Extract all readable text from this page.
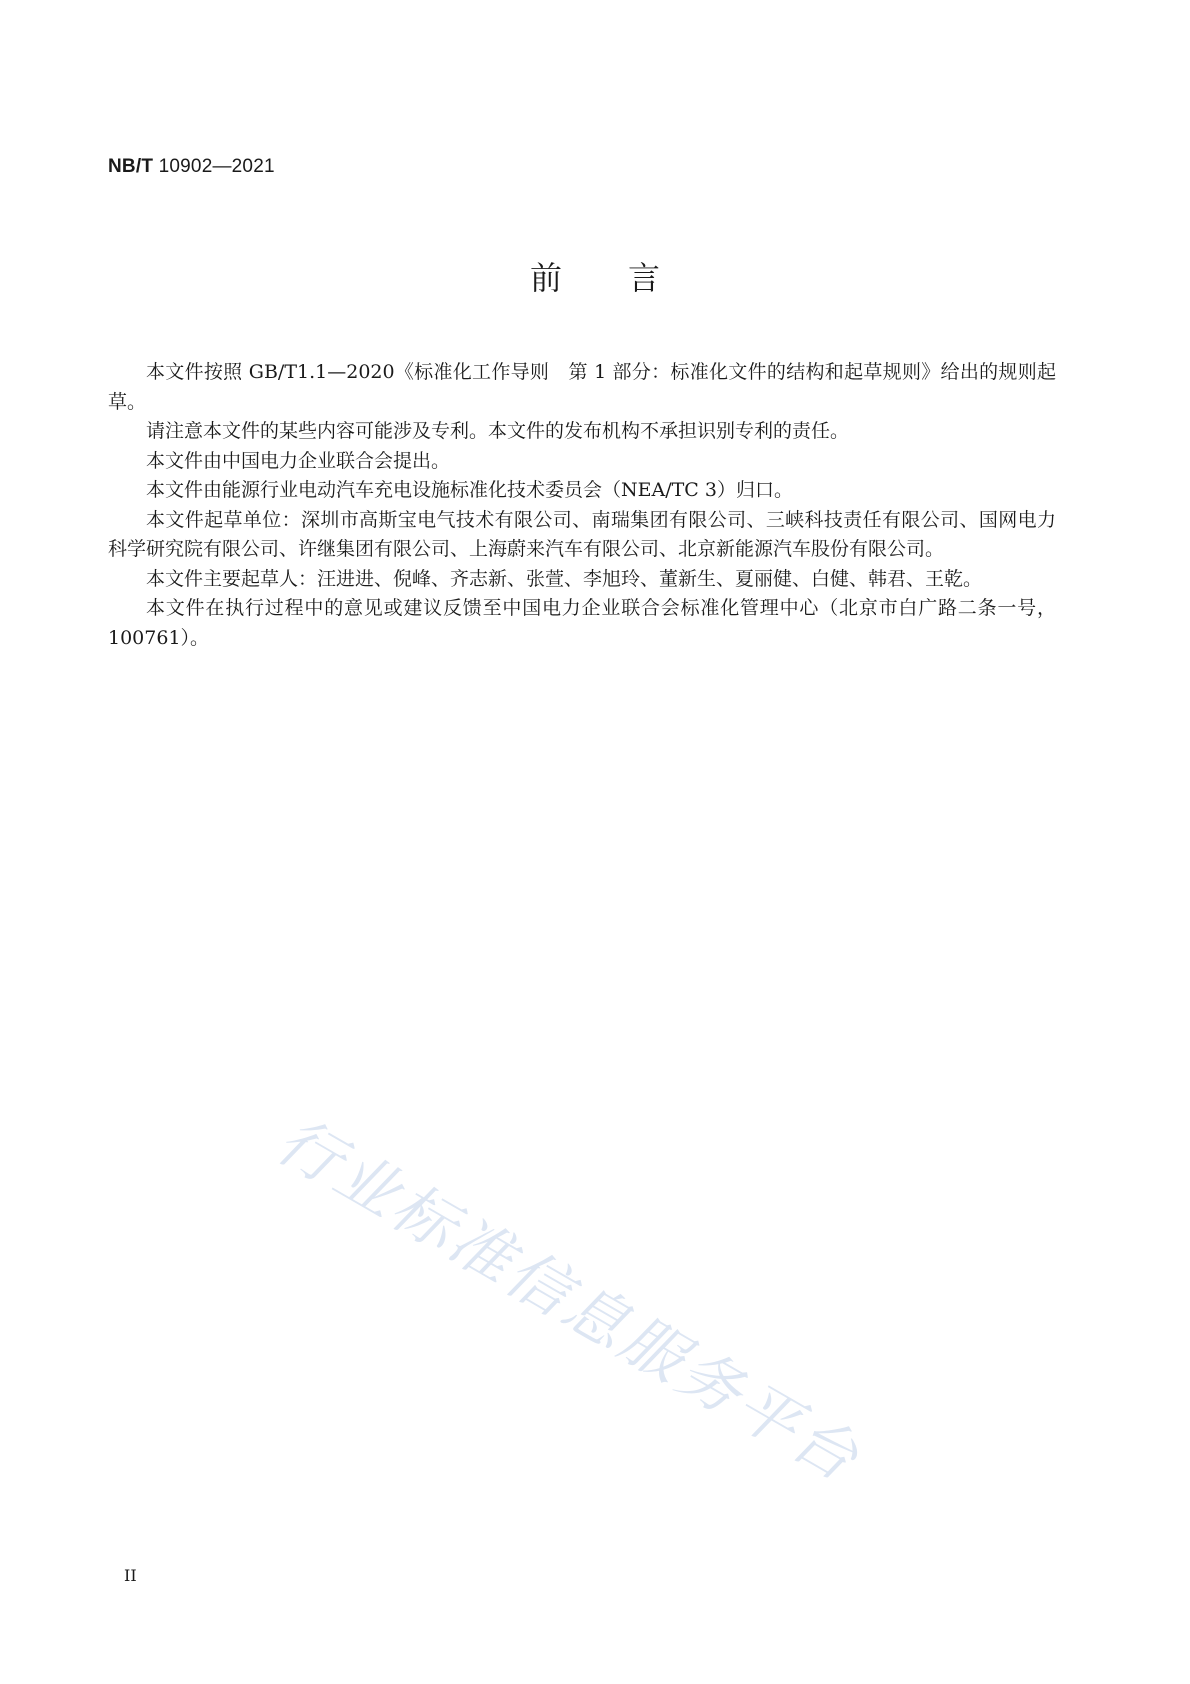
NB/T 10902—2021
前言

本文件按照 GB/T1.1—2020《标准化工作导则　第 1 部分：标准化文件的结构和起草规则》给出的规则起草。

请注意本文件的某些内容可能涉及专利。本文件的发布机构不承担识别专利的责任。

本文件由中国电力企业联合会提出。

本文件由能源行业电动汽车充电设施标准化技术委员会（NEA/TC 3）归口。

本文件起草单位：深圳市高斯宝电气技术有限公司、南瑞集团有限公司、三峡科技责任有限公司、国网电力科学研究院有限公司、许继集团有限公司、上海蔚来汽车有限公司、北京新能源汽车股份有限公司。

本文件主要起草人：汪进进、倪峰、齐志新、张萱、李旭玲、董新生、夏丽健、白健、韩君、王乾。

本文件在执行过程中的意见或建议反馈至中国电力企业联合会标准化管理中心（北京市白广路二条一号，100761）。

行业标准信息服务平台
II
